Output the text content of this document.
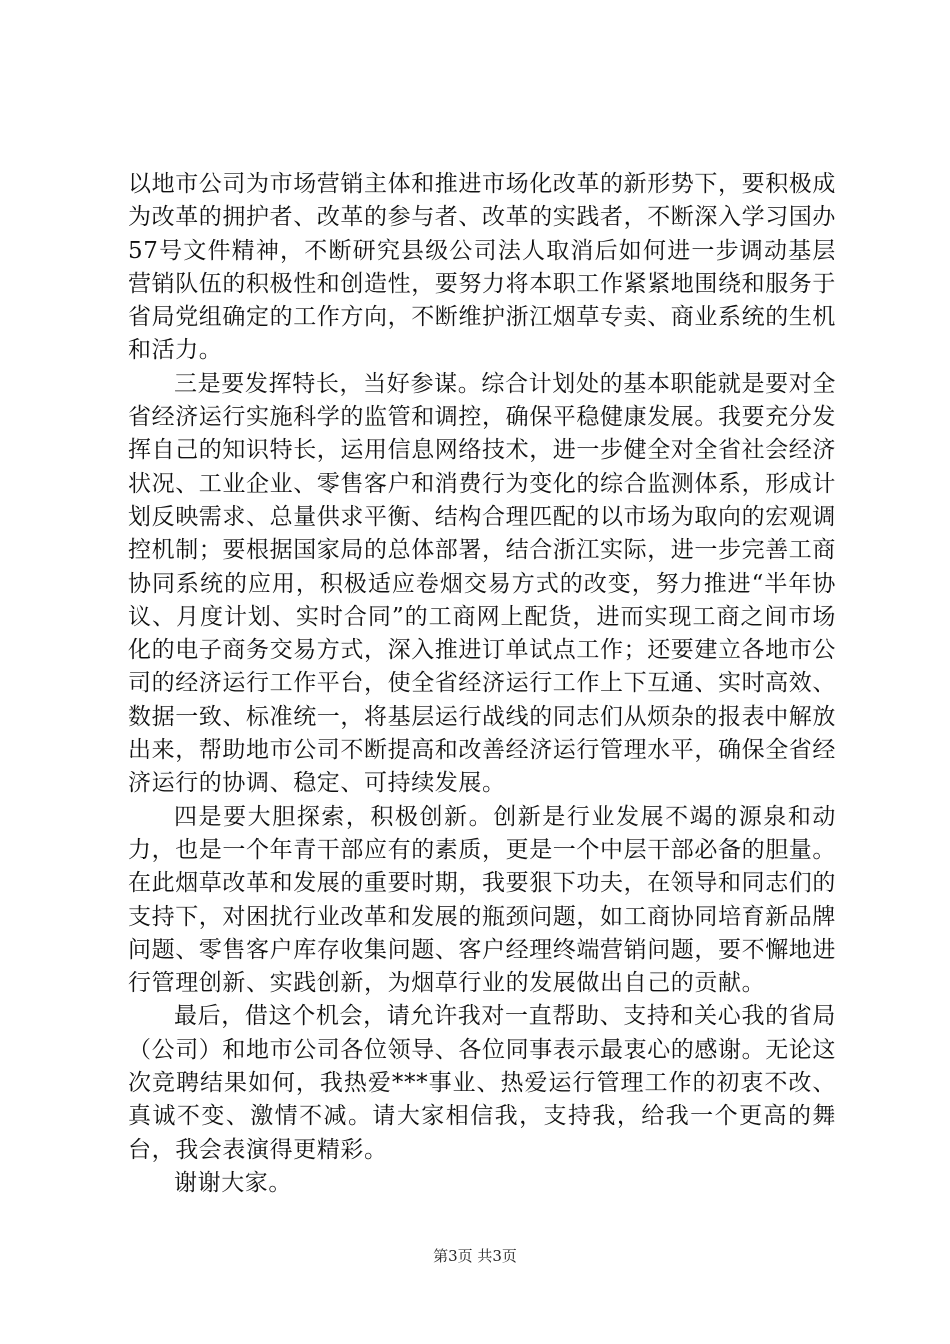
以地市公司为市场营销主体和推进市场化改革的新形势下，要积极成为改革的拥护者、改革的参与者、改革的实践者，不断深入学习国办57号文件精神，不断研究县级公司法人取消后如何进一步调动基层营销队伍的积极性和创造性，要努力将本职工作紧紧地围绕和服务于省局党组确定的工作方向，不断维护浙江烟草专卖、商业系统的生机和活力。

三是要发挥特长，当好参谋。综合计划处的基本职能就是要对全省经济运行实施科学的监管和调控，确保平稳健康发展。我要充分发挥自己的知识特长，运用信息网络技术，进一步健全对全省社会经济状况、工业企业、零售客户和消费行为变化的综合监测体系，形成计划反映需求、总量供求平衡、结构合理匹配的以市场为取向的宏观调控机制；要根据国家局的总体部署，结合浙江实际，进一步完善工商协同系统的应用，积极适应卷烟交易方式的改变，努力推进“半年协议、月度计划、实时合同”的工商网上配货，进而实现工商之间市场化的电子商务交易方式，深入推进订单试点工作；还要建立各地市公司的经济运行工作平台，使全省经济运行工作上下互通、实时高效、数据一致、标准统一，将基层运行战线的同志们从烦杂的报表中解放出来，帮助地市公司不断提高和改善经济运行管理水平，确保全省经济运行的协调、稳定、可持续发展。

四是要大胆探索，积极创新。创新是行业发展不竭的源泉和动力，也是一个年青干部应有的素质，更是一个中层干部必备的胆量。在此烟草改革和发展的重要时期，我要狠下功夫，在领导和同志们的支持下，对困扰行业改革和发展的瓶颈问题，如工商协同培育新品牌问题、零售客户库存收集问题、客户经理终端营销问题，要不懈地进行管理创新、实践创新，为烟草行业的发展做出自己的贡献。

最后，借这个机会，请允许我对一直帮助、支持和关心我的省局（公司）和地市公司各位领导、各位同事表示最衷心的感谢。无论这次竞聘结果如何，我热爱***事业、热爱运行管理工作的初衷不改、真诚不变、激情不减。请大家相信我，支持我，给我一个更高的舞台，我会表演得更精彩。

谢谢大家。

第3页 共3页
